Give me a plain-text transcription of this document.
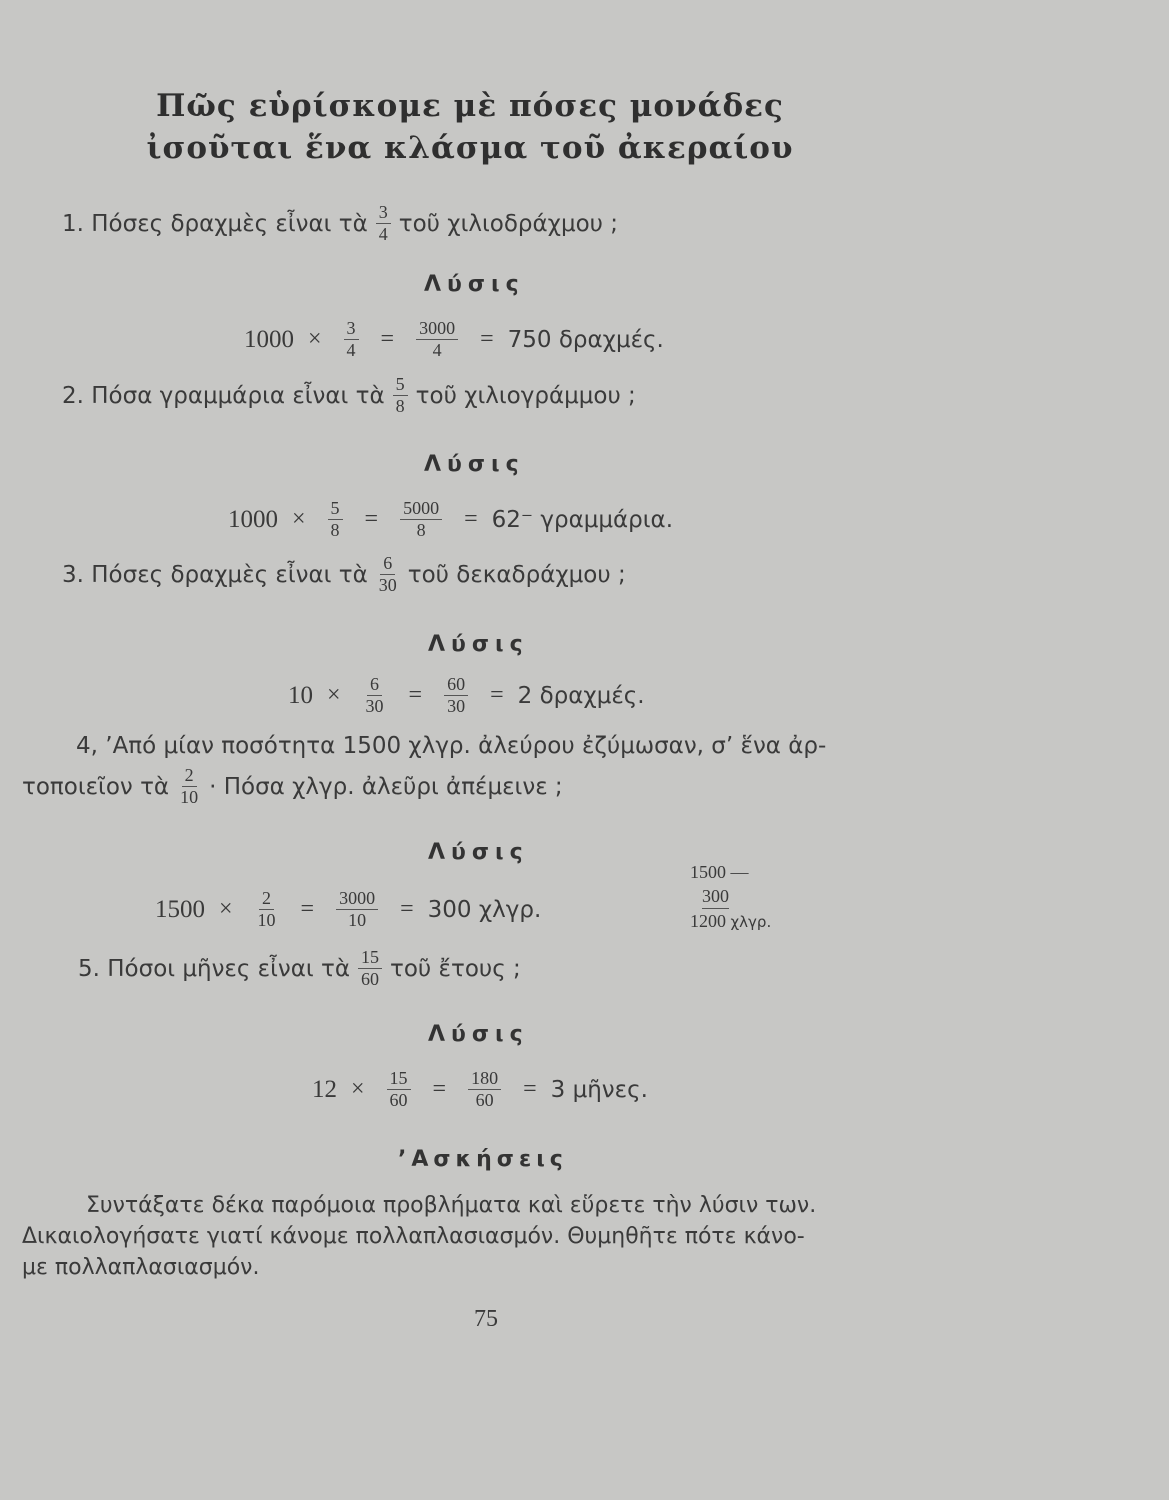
Πῶς εὑρίσκομε μὲ πόσες μονάδες
ἰσοῦται ἕνα κλάσμα τοῦ ἀκεραίου
1. Πόσες δραχμὲς εἶναι τὰ $\frac{3}{4}$ τοῦ χιλιοδράχμου ;
Λύσις
$1000 \times \frac{3}{4} = \frac{3000}{4} = 750$ δραχμές.
2. Πόσα γραμμάρια εἶναι τὰ $\frac{5}{8}$ τοῦ χιλιογράμμου ;
Λύσις
$1000 \times \frac{5}{8} = \frac{5000}{8} = 62^-$ γραμμάρια.
3. Πόσες δραχμὲς εἶναι τὰ $\frac{6}{30}$ τοῦ δεκαδράχμου ;
Λύσις
$10 \times \frac{6}{30} = \frac{60}{30} = 2$ δραχμές.
4, ’Από μίαν ποσότητα 1500 χλγρ. ἀλεύρου ἐζύμωσαν, σ’ ἕνα ἀρ-
τοποιεῖον τὰ $\frac{2}{10} \cdot \Pi ό\sigma\alpha$ χλγρ. ἀλεῦρι ἀπέμεινε ;
Λύσις
$1500 \times \frac{2}{10} = \frac{3000}{10} = 300$ χλγρ.
1500 —
300
1200 χλγρ.
5. Πόσοι μῆνες εἶναι τὰ $\frac{15}{60}$ τοῦ ἔτους ;
Λύσις
$12 \times \frac{15}{60} = \frac{180}{60} = 3$ μῆνες.
’Ασκήσεις
Συντάξατε δέκα παρόμοια προβλήματα καὶ εὕρετε τὴν λύσιν των.
Δικαιολογήσατε γιατί κάνομε πολλαπλασιασμόν. Θυμηθῆτε πότε κάνο-
με πολλαπλασιασμόν.
75
